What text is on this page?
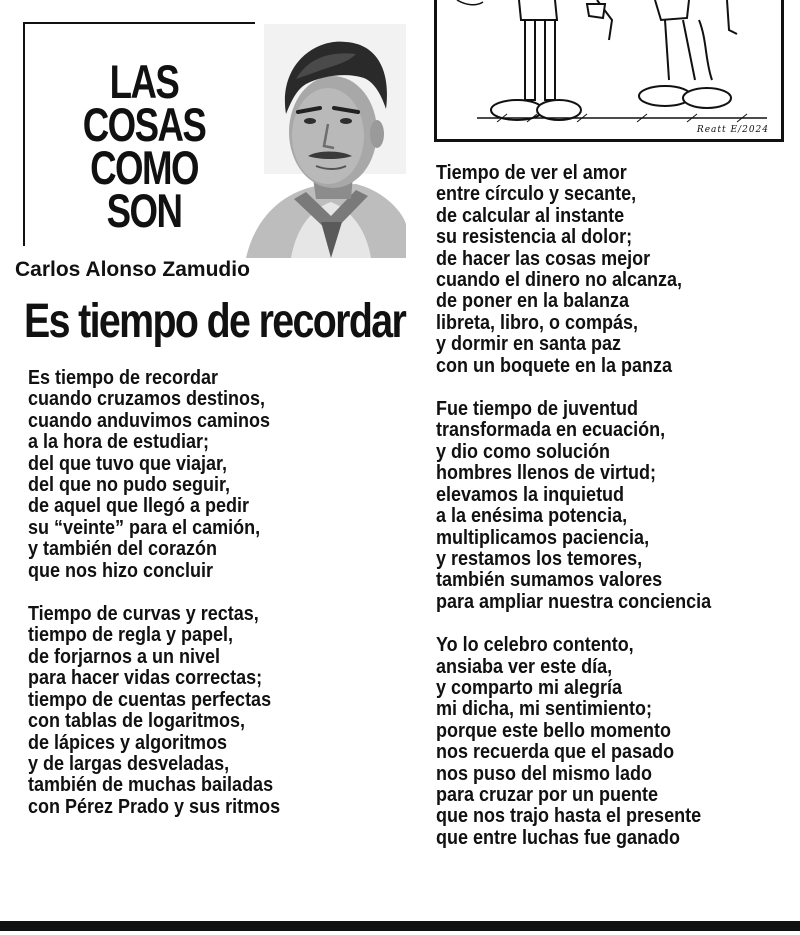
LAS
COSAS
COMO
SON
Carlos Alonso Zamudio
Reatt E/2024
Es tiempo de recordar
Es tiempo de recordar
cuando cruzamos destinos,
cuando anduvimos caminos
a la hora de estudiar;
del que tuvo que viajar,
del que no pudo seguir,
de aquel que llegó a pedir
su “veinte” para el camión,
y también del corazón
que nos hizo concluir
Tiempo de curvas y rectas,
tiempo de regla y papel,
de forjarnos a un nivel
para hacer vidas correctas;
tiempo de cuentas perfectas
con tablas de logaritmos,
de lápices y algoritmos
y de largas desveladas,
también de muchas bailadas
con Pérez Prado y sus ritmos
Tiempo de ver el amor
entre círculo y secante,
de calcular al instante
su resistencia al dolor;
de hacer las cosas mejor
cuando el dinero no alcanza,
de poner en la balanza
libreta, libro, o compás,
y dormir en santa paz
con un boquete en la panza
Fue tiempo de juventud
transformada en ecuación,
y dio como solución
hombres llenos de virtud;
elevamos la inquietud
a la enésima potencia,
multiplicamos paciencia,
y restamos los temores,
también sumamos valores
para ampliar nuestra conciencia
Yo lo celebro contento,
ansiaba ver este día,
y comparto mi alegría
mi dicha, mi sentimiento;
porque este bello momento
nos recuerda que el pasado
nos puso del mismo lado
para cruzar por un puente
que nos trajo hasta el presente
que entre luchas fue ganado
